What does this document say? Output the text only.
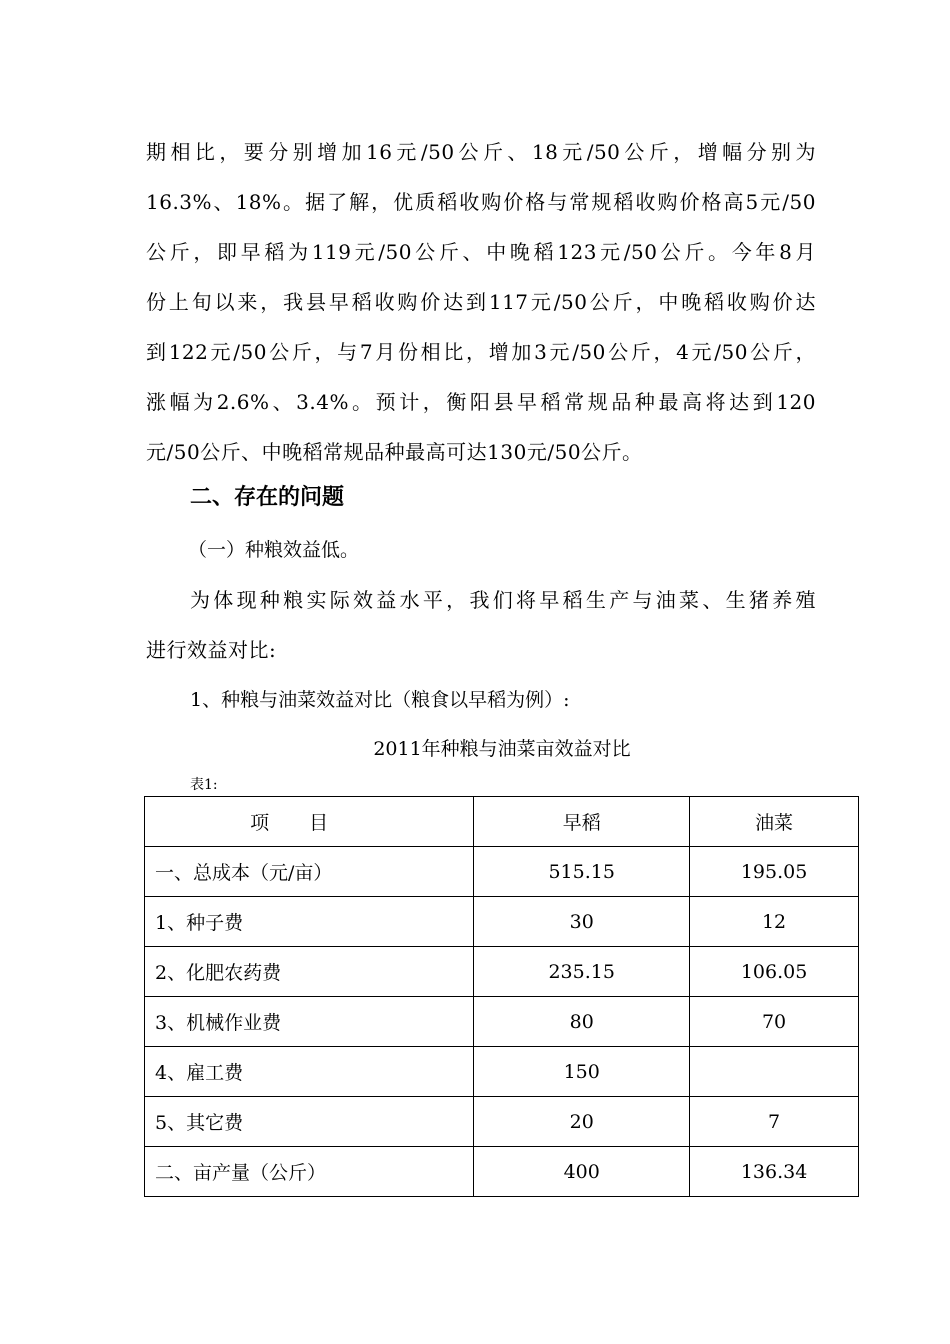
期相比，要分别增加16元/50公斤、18元/50公斤，增幅分别为
16.3%、18%。据了解，优质稻收购价格与常规稻收购价格高5元/50
公斤，即早稻为119元/50公斤、中晚稻123元/50公斤。今年8月
份上旬以来，我县早稻收购价达到117元/50公斤，中晚稻收购价达
到122元/50公斤，与7月份相比，增加3元/50公斤，4元/50公斤，
涨幅为2.6%、3.4%。预计，衡阳县早稻常规品种最高将达到120
元/50公斤、中晚稻常规品种最高可达130元/50公斤。
二、存在的问题
（一）种粮效益低。
为体现种粮实际效益水平，我们将早稻生产与油菜、生猪养殖
进行效益对比:
1、种粮与油菜效益对比（粮食以早稻为例）:
2011年种粮与油菜亩效益对比
表1:
项目	早稻	油菜
一、总成本（元/亩）	515.15	195.05
1、种子费	30	12
2、化肥农药费	235.15	106.05
3、机械作业费	80	70
4、雇工费	150	
5、其它费	20	7
二、亩产量（公斤）	400	136.34
